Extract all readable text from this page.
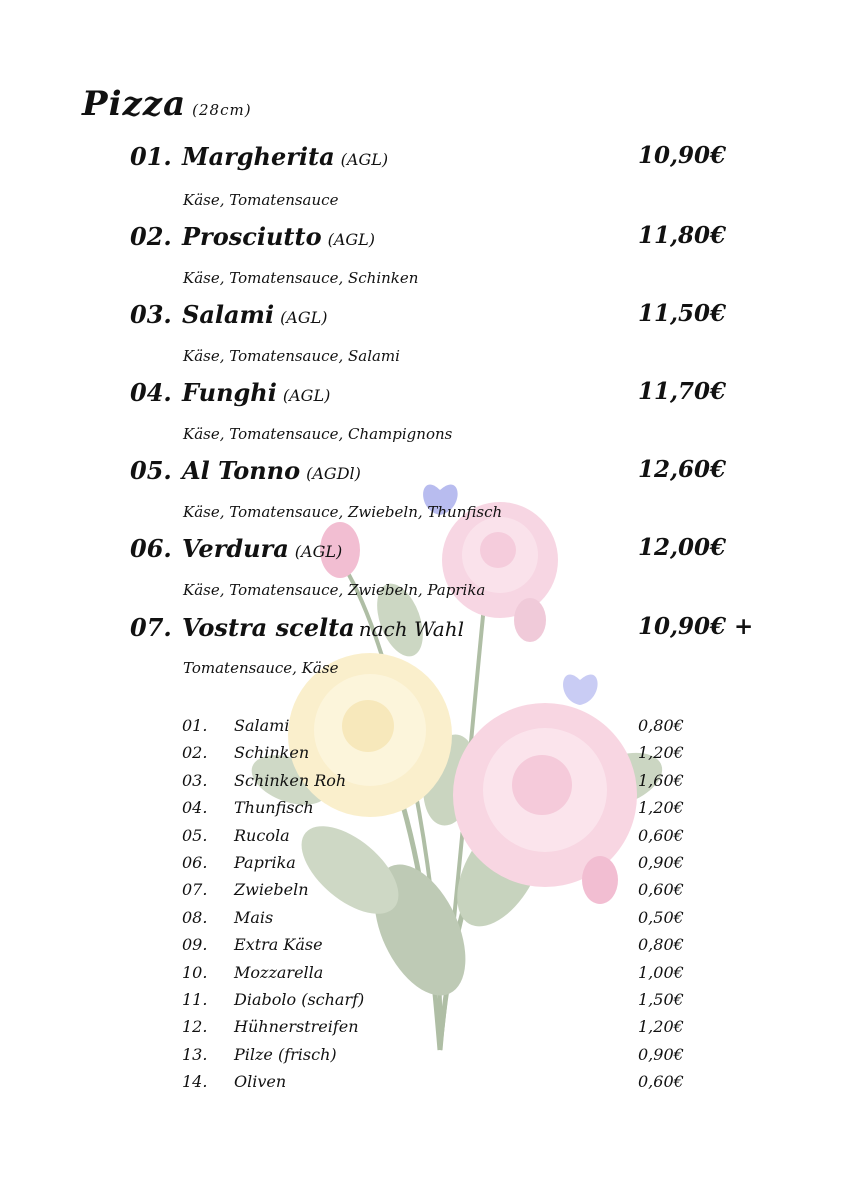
Pizza (28cm)
01. Margherita (AGL)	10,90€
Käse, Tomatensauce
02. Prosciutto (AGL)	11,80€
Käse, Tomatensauce, Schinken
03. Salami (AGL)	11,50€
Käse, Tomatensauce, Salami
04. Funghi (AGL)	11,70€
Käse, Tomatensauce, Champignons
05. Al Tonno (AGDl)	12,60€
Käse, Tomatensauce, Zwiebeln, Thunfisch
06. Verdura (AGL)	12,00€
Käse, Tomatensauce, Zwiebeln, Paprika
07. Vostra scelta nach Wahl	10,90€ +
Tomatensauce, Käse
01. Salami	0,80€
02. Schinken	1,20€
03. Schinken Roh	1,60€
04. Thunfisch	1,20€
05. Rucola	0,60€
06. Paprika	0,90€
07. Zwiebeln	0,60€
08. Mais	0,50€
09. Extra Käse	0,80€
10. Mozzarella	1,00€
11. Diabolo (scharf)	1,50€
12. Hühnerstreifen	1,20€
13. Pilze (frisch)	0,90€
14. Oliven	0,60€
